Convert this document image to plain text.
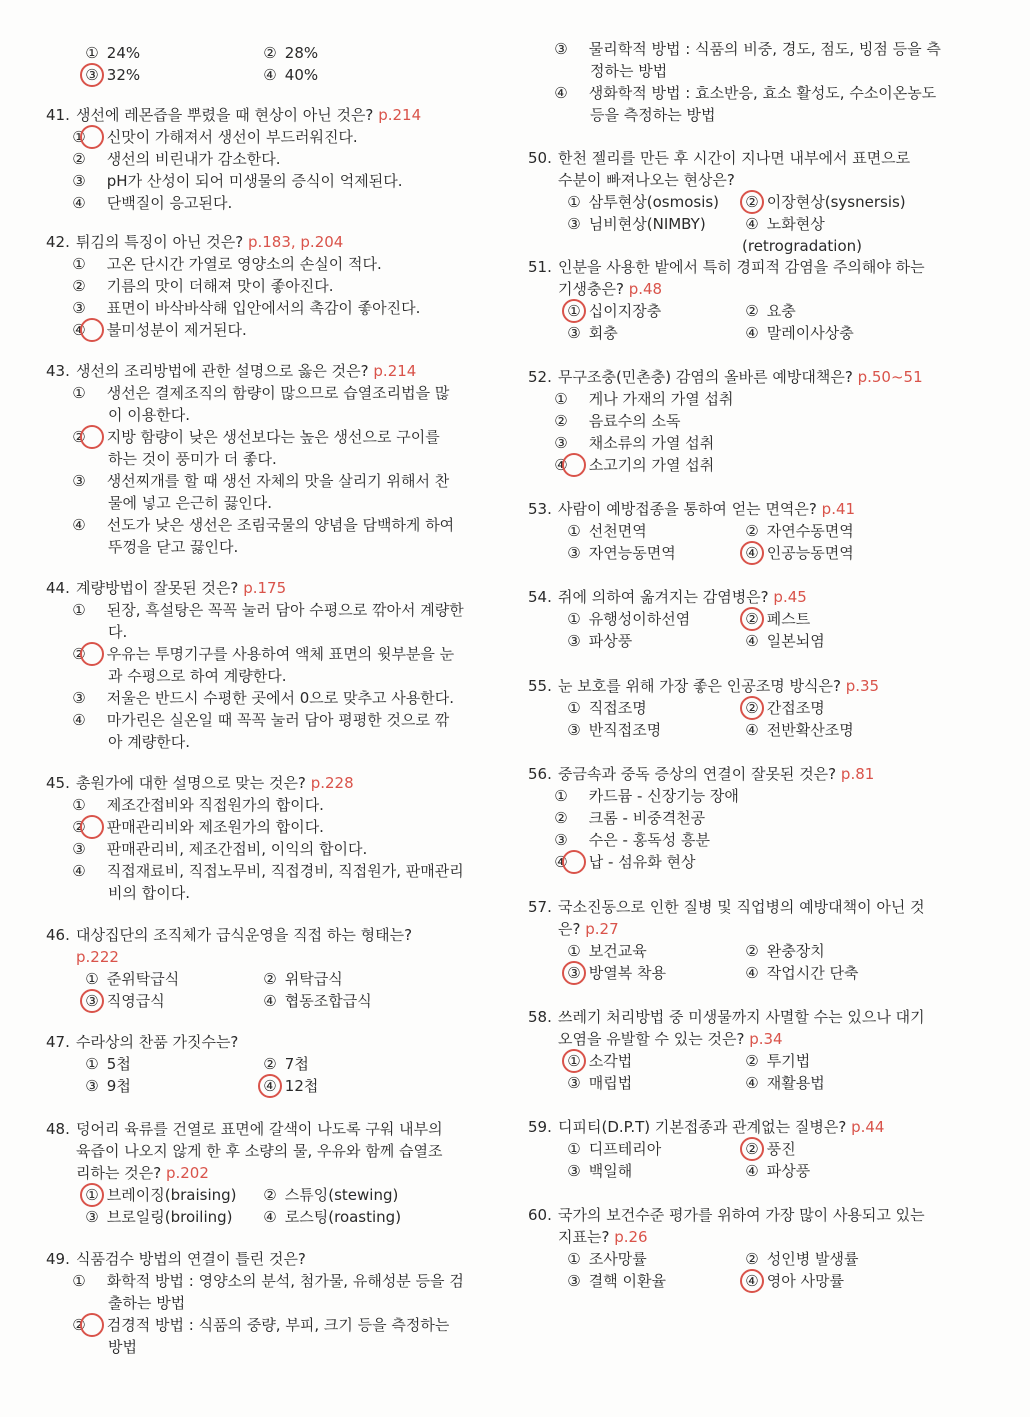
① 24%	② 28%
③ 32%	④ 40%
41. 생선에 레몬즙을 뿌렸을 때 현상이 아닌 것은? p.214
① 신맛이 가해져서 생선이 부드러워진다.
② 생선의 비린내가 감소한다.
③ pH가 산성이 되어 미생물의 증식이 억제된다.
④ 단백질이 응고된다.
42. 튀김의 특징이 아닌 것은? p.183, p.204
① 고온 단시간 가열로 영양소의 손실이 적다.
② 기름의 맛이 더해져 맛이 좋아진다.
③ 표면이 바삭바삭해 입안에서의 촉감이 좋아진다.
④ 불미성분이 제거된다.
43. 생선의 조리방법에 관한 설명으로 옳은 것은? p.214
① 생선은 결제조직의 함량이 많으므로 습열조리법을 많
이 이용한다.
② 지방 함량이 낮은 생선보다는 높은 생선으로 구이를
하는 것이 풍미가 더 좋다.
③ 생선찌개를 할 때 생선 자체의 맛을 살리기 위해서 찬
물에 넣고 은근히 끓인다.
④ 선도가 낮은 생선은 조림국물의 양념을 담백하게 하여
뚜껑을 닫고 끓인다.
44. 계량방법이 잘못된 것은? p.175
① 된장, 흑설탕은 꼭꼭 눌러 담아 수평으로 깎아서 계량한
다.
② 우유는 투명기구를 사용하여 액체 표면의 윗부분을 눈
과 수평으로 하여 계량한다.
③ 저울은 반드시 수평한 곳에서 0으로 맞추고 사용한다.
④ 마가린은 실온일 때 꼭꼭 눌러 담아 평평한 것으로 깎
아 계량한다.
45. 총원가에 대한 설명으로 맞는 것은? p.228
① 제조간접비와 직접원가의 합이다.
② 판매관리비와 제조원가의 합이다.
③ 판매관리비, 제조간접비, 이익의 합이다.
④ 직접재료비, 직접노무비, 직접경비, 직접원가, 판매관리
비의 합이다.
46. 대상집단의 조직체가 급식운영을 직접 하는 형태는?
p.222
① 준위탁급식	② 위탁급식
③ 직영급식	④ 협동조합급식
47. 수라상의 찬품 가짓수는?
① 5첩	② 7첩
③ 9첩	④ 12첩
48. 덩어리 육류를 건열로 표면에 갈색이 나도록 구워 내부의
육즙이 나오지 않게 한 후 소량의 물, 우유와 함께 습열조
리하는 것은? p.202
① 브레이징(braising)	② 스튜잉(stewing)
③ 브로일링(broiling)	④ 로스팅(roasting)
49. 식품검수 방법의 연결이 틀린 것은?
① 화학적 방법 : 영양소의 분석, 첨가물, 유해성분 등을 검
출하는 방법
② 검경적 방법 : 식품의 중량, 부피, 크기 등을 측정하는
방법
③ 물리학적 방법 : 식품의 비중, 경도, 점도, 빙점 등을 측
정하는 방법
④ 생화학적 방법 : 효소반응, 효소 활성도, 수소이온농도
등을 측정하는 방법
50. 한천 젤리를 만든 후 시간이 지나면 내부에서 표면으로
수분이 빠져나오는 현상은?
① 삼투현상(osmosis)	② 이장현상(sysnersis)
③ 님비현상(NIMBY)	④ 노화현상(retrogradation)
51. 인분을 사용한 밭에서 특히 경피적 감염을 주의해야 하는
기생충은? p.48
① 십이지장충	② 요충
③ 회충	④ 말레이사상충
52. 무구조충(민촌충) 감염의 올바른 예방대책은? p.50~51
① 게나 가재의 가열 섭취
② 음료수의 소독
③ 채소류의 가열 섭취
④ 소고기의 가열 섭취
53. 사람이 예방접종을 통하여 얻는 면역은? p.41
① 선천면역	② 자연수동면역
③ 자연능동면역	④ 인공능동면역
54. 쥐에 의하여 옮겨지는 감염병은? p.45
① 유행성이하선염	② 페스트
③ 파상풍	④ 일본뇌염
55. 눈 보호를 위해 가장 좋은 인공조명 방식은? p.35
① 직접조명	② 간접조명
③ 반직접조명	④ 전반확산조명
56. 중금속과 중독 증상의 연결이 잘못된 것은? p.81
① 카드뮴 - 신장기능 장애
② 크롬 - 비중격천공
③ 수은 - 홍독성 흥분
④ 납 - 섬유화 현상
57. 국소진동으로 인한 질병 및 직업병의 예방대책이 아닌 것
은? p.27
① 보건교육	② 완충장치
③ 방열복 착용	④ 작업시간 단축
58. 쓰레기 처리방법 중 미생물까지 사멸할 수는 있으나 대기
오염을 유발할 수 있는 것은? p.34
① 소각법	② 투기법
③ 매립법	④ 재활용법
59. 디피티(D.P.T) 기본접종과 관계없는 질병은? p.44
① 디프테리아	② 풍진
③ 백일해	④ 파상풍
60. 국가의 보건수준 평가를 위하여 가장 많이 사용되고 있는
지표는? p.26
① 조사망률	② 성인병 발생률
③ 결핵 이환율	④ 영아 사망률
